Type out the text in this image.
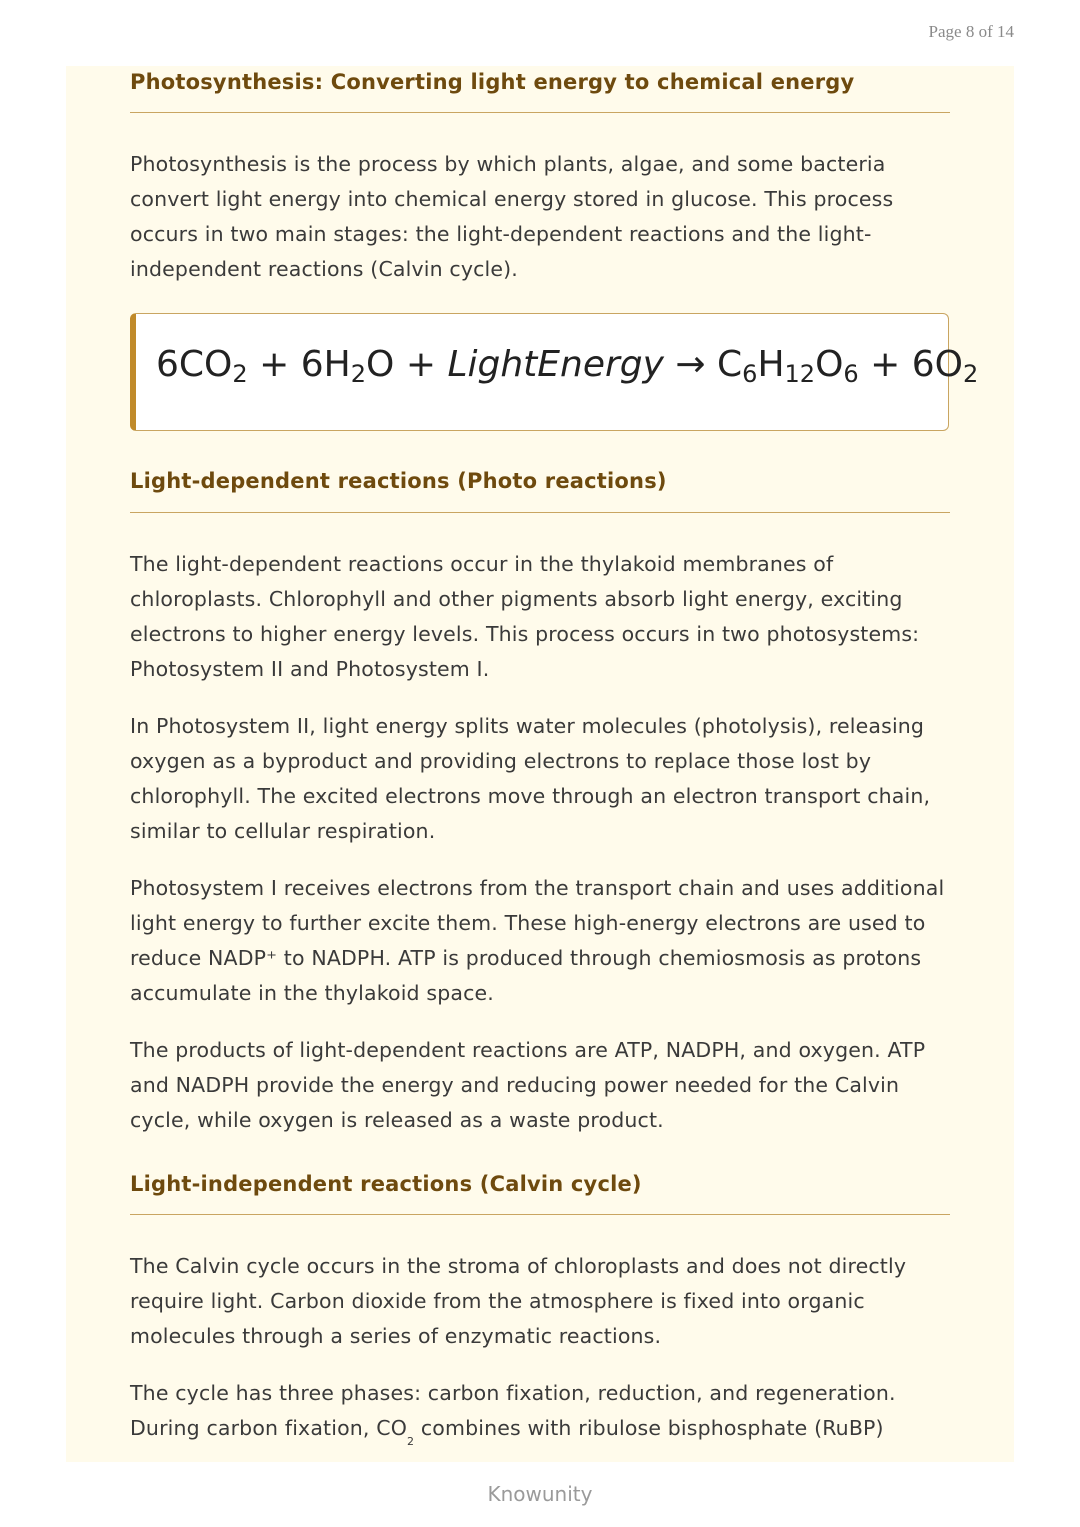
Page 8 of 14
Photosynthesis: Converting light energy to chemical energy

Photosynthesis is the process by which plants, algae, and some bacteria convert light energy into chemical energy stored in glucose. This process occurs in two main stages: the light-dependent reactions and the light-independent reactions (Calvin cycle).

$6CO_2 + 6H_2O$ + LightEnergy → $C_6H_{12}O_6 + 6O_2$
Light-dependent reactions (Photo reactions)

The light-dependent reactions occur in the thylakoid membranes of chloroplasts. Chlorophyll and other pigments absorb light energy, exciting electrons to higher energy levels. This process occurs in two photosystems: Photosystem II and Photosystem I.

In Photosystem II, light energy splits water molecules (photolysis), releasing oxygen as a byproduct and providing electrons to replace those lost by chlorophyll. The excited electrons move through an electron transport chain, similar to cellular respiration.

Photosystem I receives electrons from the transport chain and uses additional light energy to further excite them. These high-energy electrons are used to reduce NADP⁺ to NADPH. ATP is produced through chemiosmosis as protons accumulate in the thylakoid space.

The products of light-dependent reactions are ATP, NADPH, and oxygen. ATP and NADPH provide the energy and reducing power needed for the Calvin cycle, while oxygen is released as a waste product.

Light-independent reactions (Calvin cycle)

The Calvin cycle occurs in the stroma of chloroplasts and does not directly require light. Carbon dioxide from the atmosphere is fixed into organic molecules through a series of enzymatic reactions.

The cycle has three phases: carbon fixation, reduction, and regeneration. During carbon fixation, $CO_2$ combines with ribulose bisphosphate (RuBP)

Knowunity
